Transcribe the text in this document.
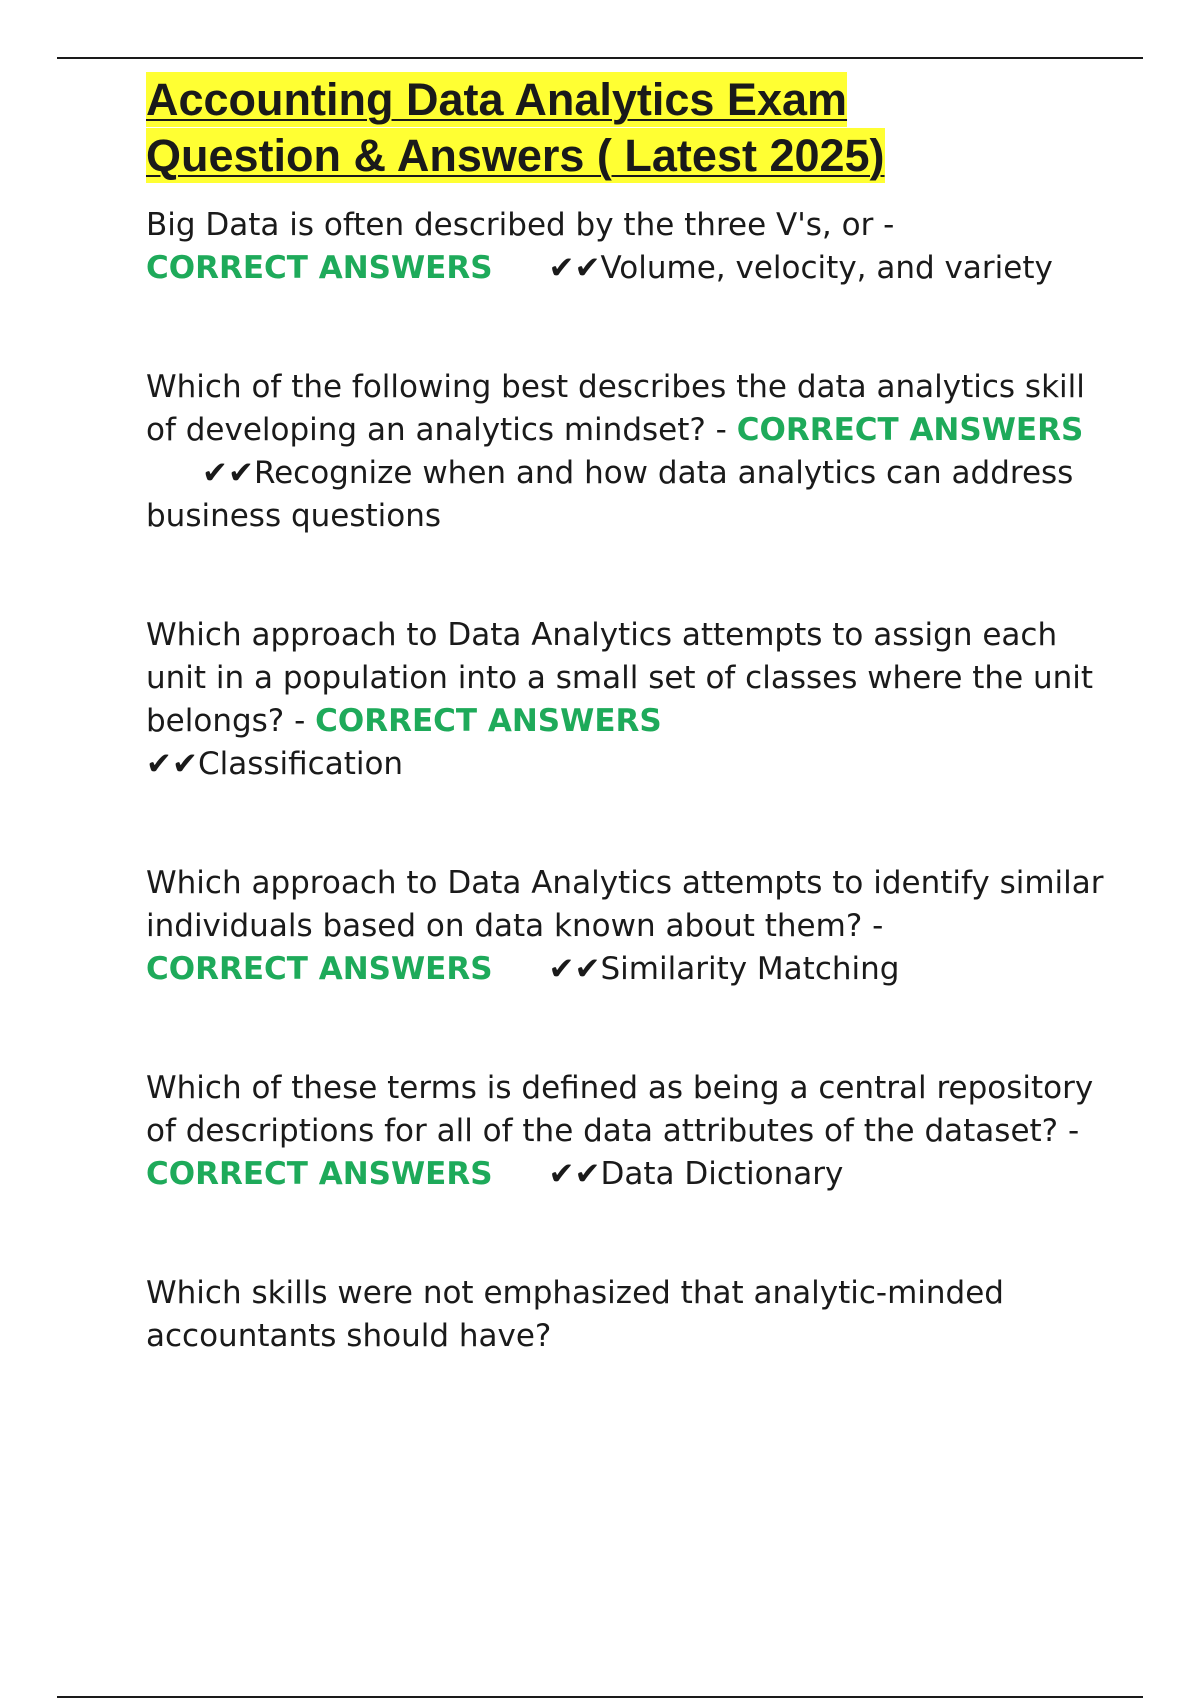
Accounting Data Analytics Exam
Question & Answers ( Latest 2025)

Big Data is often described by the three V's, or -
CORRECT ANSWERS ✔✔Volume, velocity, and variety

Which of the following best describes the data analytics skill of developing an analytics mindset? - CORRECT ANSWERS✔✔Recognize when and how data analytics can address business questions

Which approach to Data Analytics attempts to assign each unit in a population into a small set of classes where the unit belongs? - CORRECT ANSWERS
✔✔Classification

Which approach to Data Analytics attempts to identify similar individuals based on data known about them? -
CORRECT ANSWERS ✔✔Similarity Matching

Which of these terms is defined as being a central repository of descriptions for all of the data attributes of the dataset? - CORRECT ANSWERS ✔✔Data Dictionary

Which skills were not emphasized that analytic-minded accountants should have?
